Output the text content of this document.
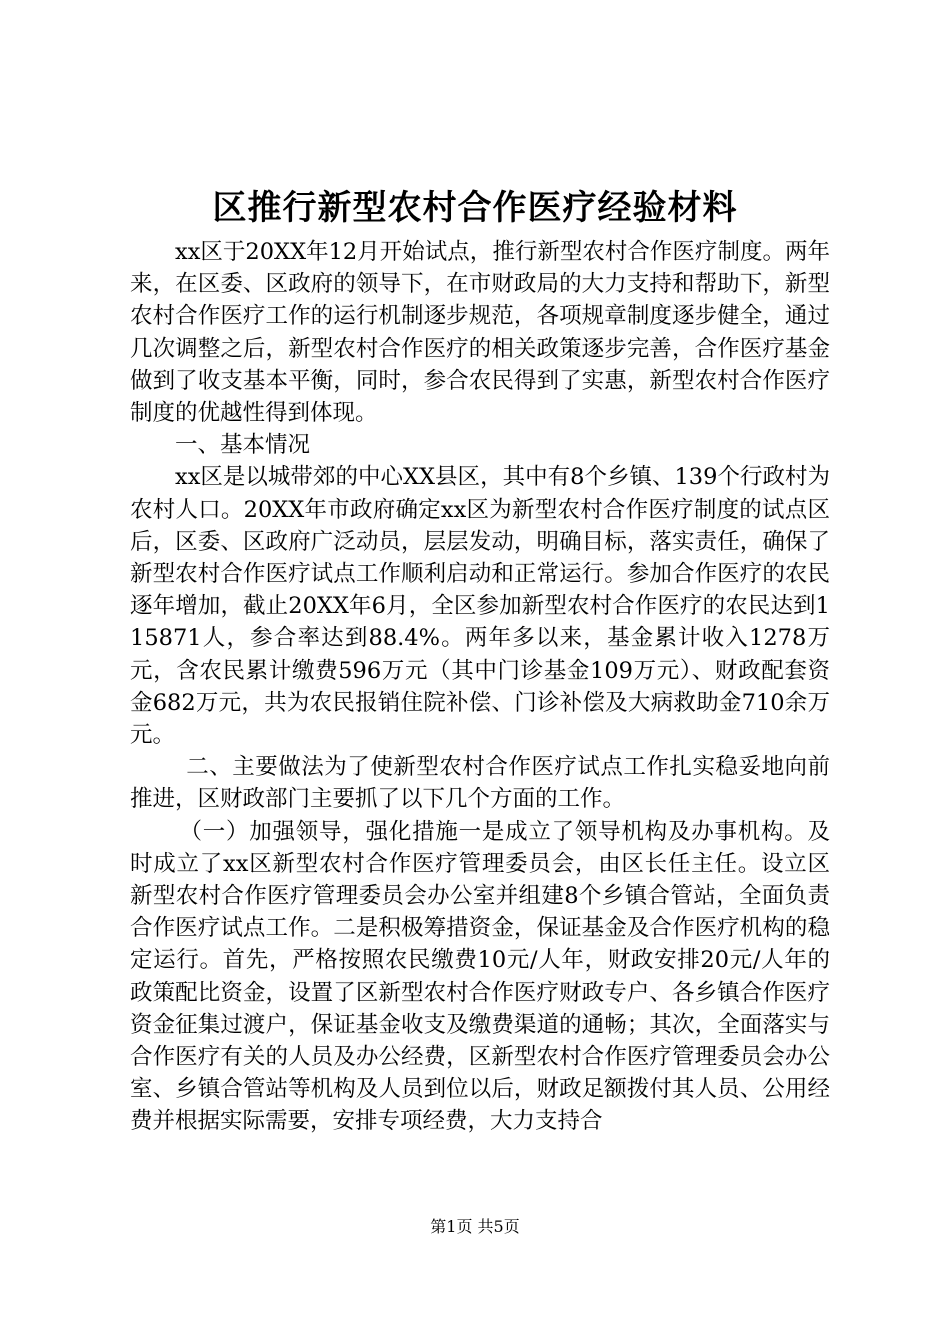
区推行新型农村合作医疗经验材料

xx区于20XX年12月开始试点，推行新型农村合作医疗制度。两年来，在区委、区政府的领导下，在市财政局的大力支持和帮助下，新型农村合作医疗工作的运行机制逐步规范，各项规章制度逐步健全，通过几次调整之后，新型农村合作医疗的相关政策逐步完善，合作医疗基金做到了收支基本平衡，同时，参合农民得到了实惠，新型农村合作医疗制度的优越性得到体现。

一、基本情况

xx区是以城带郊的中心XX县区，其中有8个乡镇、139个行政村为农村人口。20XX年市政府确定xx区为新型农村合作医疗制度的试点区后，区委、区政府广泛动员，层层发动，明确目标，落实责任，确保了新型农村合作医疗试点工作顺利启动和正常运行。参加合作医疗的农民逐年增加，截止20XX年6月，全区参加新型农村合作医疗的农民达到115871人，参合率达到88.4%。两年多以来，基金累计收入1278万元，含农民累计缴费596万元（其中门诊基金109万元）、财政配套资金682万元，共为农民报销住院补偿、门诊补偿及大病救助金710余万元。

二、主要做法为了使新型农村合作医疗试点工作扎实稳妥地向前推进，区财政部门主要抓了以下几个方面的工作。

（一）加强领导，强化措施一是成立了领导机构及办事机构。及时成立了xx区新型农村合作医疗管理委员会，由区长任主任。设立区新型农村合作医疗管理委员会办公室并组建8个乡镇合管站，全面负责合作医疗试点工作。二是积极筹措资金，保证基金及合作医疗机构的稳定运行。首先，严格按照农民缴费10元/人年，财政安排20元/人年的政策配比资金，设置了区新型农村合作医疗财政专户、各乡镇合作医疗资金征集过渡户，保证基金收支及缴费渠道的通畅；其次，全面落实与合作医疗有关的人员及办公经费，区新型农村合作医疗管理委员会办公室、乡镇合管站等机构及人员到位以后，财政足额拨付其人员、公用经费并根据实际需要，安排专项经费，大力支持合

第1页 共5页
